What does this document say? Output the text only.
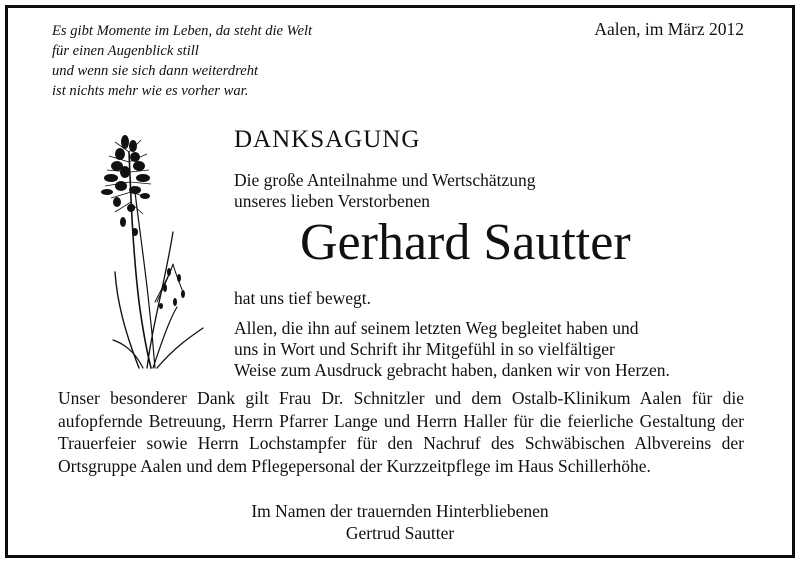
Es gibt Momente im Leben, da steht die Welt
für einen Augenblick still
und wenn sie sich dann weiterdreht
ist nichts mehr wie es vorher war.
Aalen, im März 2012
DANKSAGUNG
Die große Anteilnahme und Wertschätzung
unseres lieben Verstorbenen
Gerhard Sautter
hat uns tief bewegt.
Allen, die ihn auf seinem letzten Weg begleitet haben und
uns in Wort und Schrift ihr Mitgefühl in so vielfältiger
Weise zum Ausdruck gebracht haben, danken wir von Herzen.
Unser besonderer Dank gilt Frau Dr. Schnitzler und dem Ostalb-Klinikum Aalen für die aufopfernde Betreuung, Herrn Pfarrer Lange und Herrn Haller für die feierliche Gestaltung der Trauerfeier sowie Herrn Lochstampfer für den Nachruf des Schwäbischen Albvereins der Ortsgruppe Aalen und dem Pflegepersonal der Kurzzeitpflege im Haus Schillerhöhe.
Im Namen der trauernden Hinterbliebenen
Gertrud Sautter
